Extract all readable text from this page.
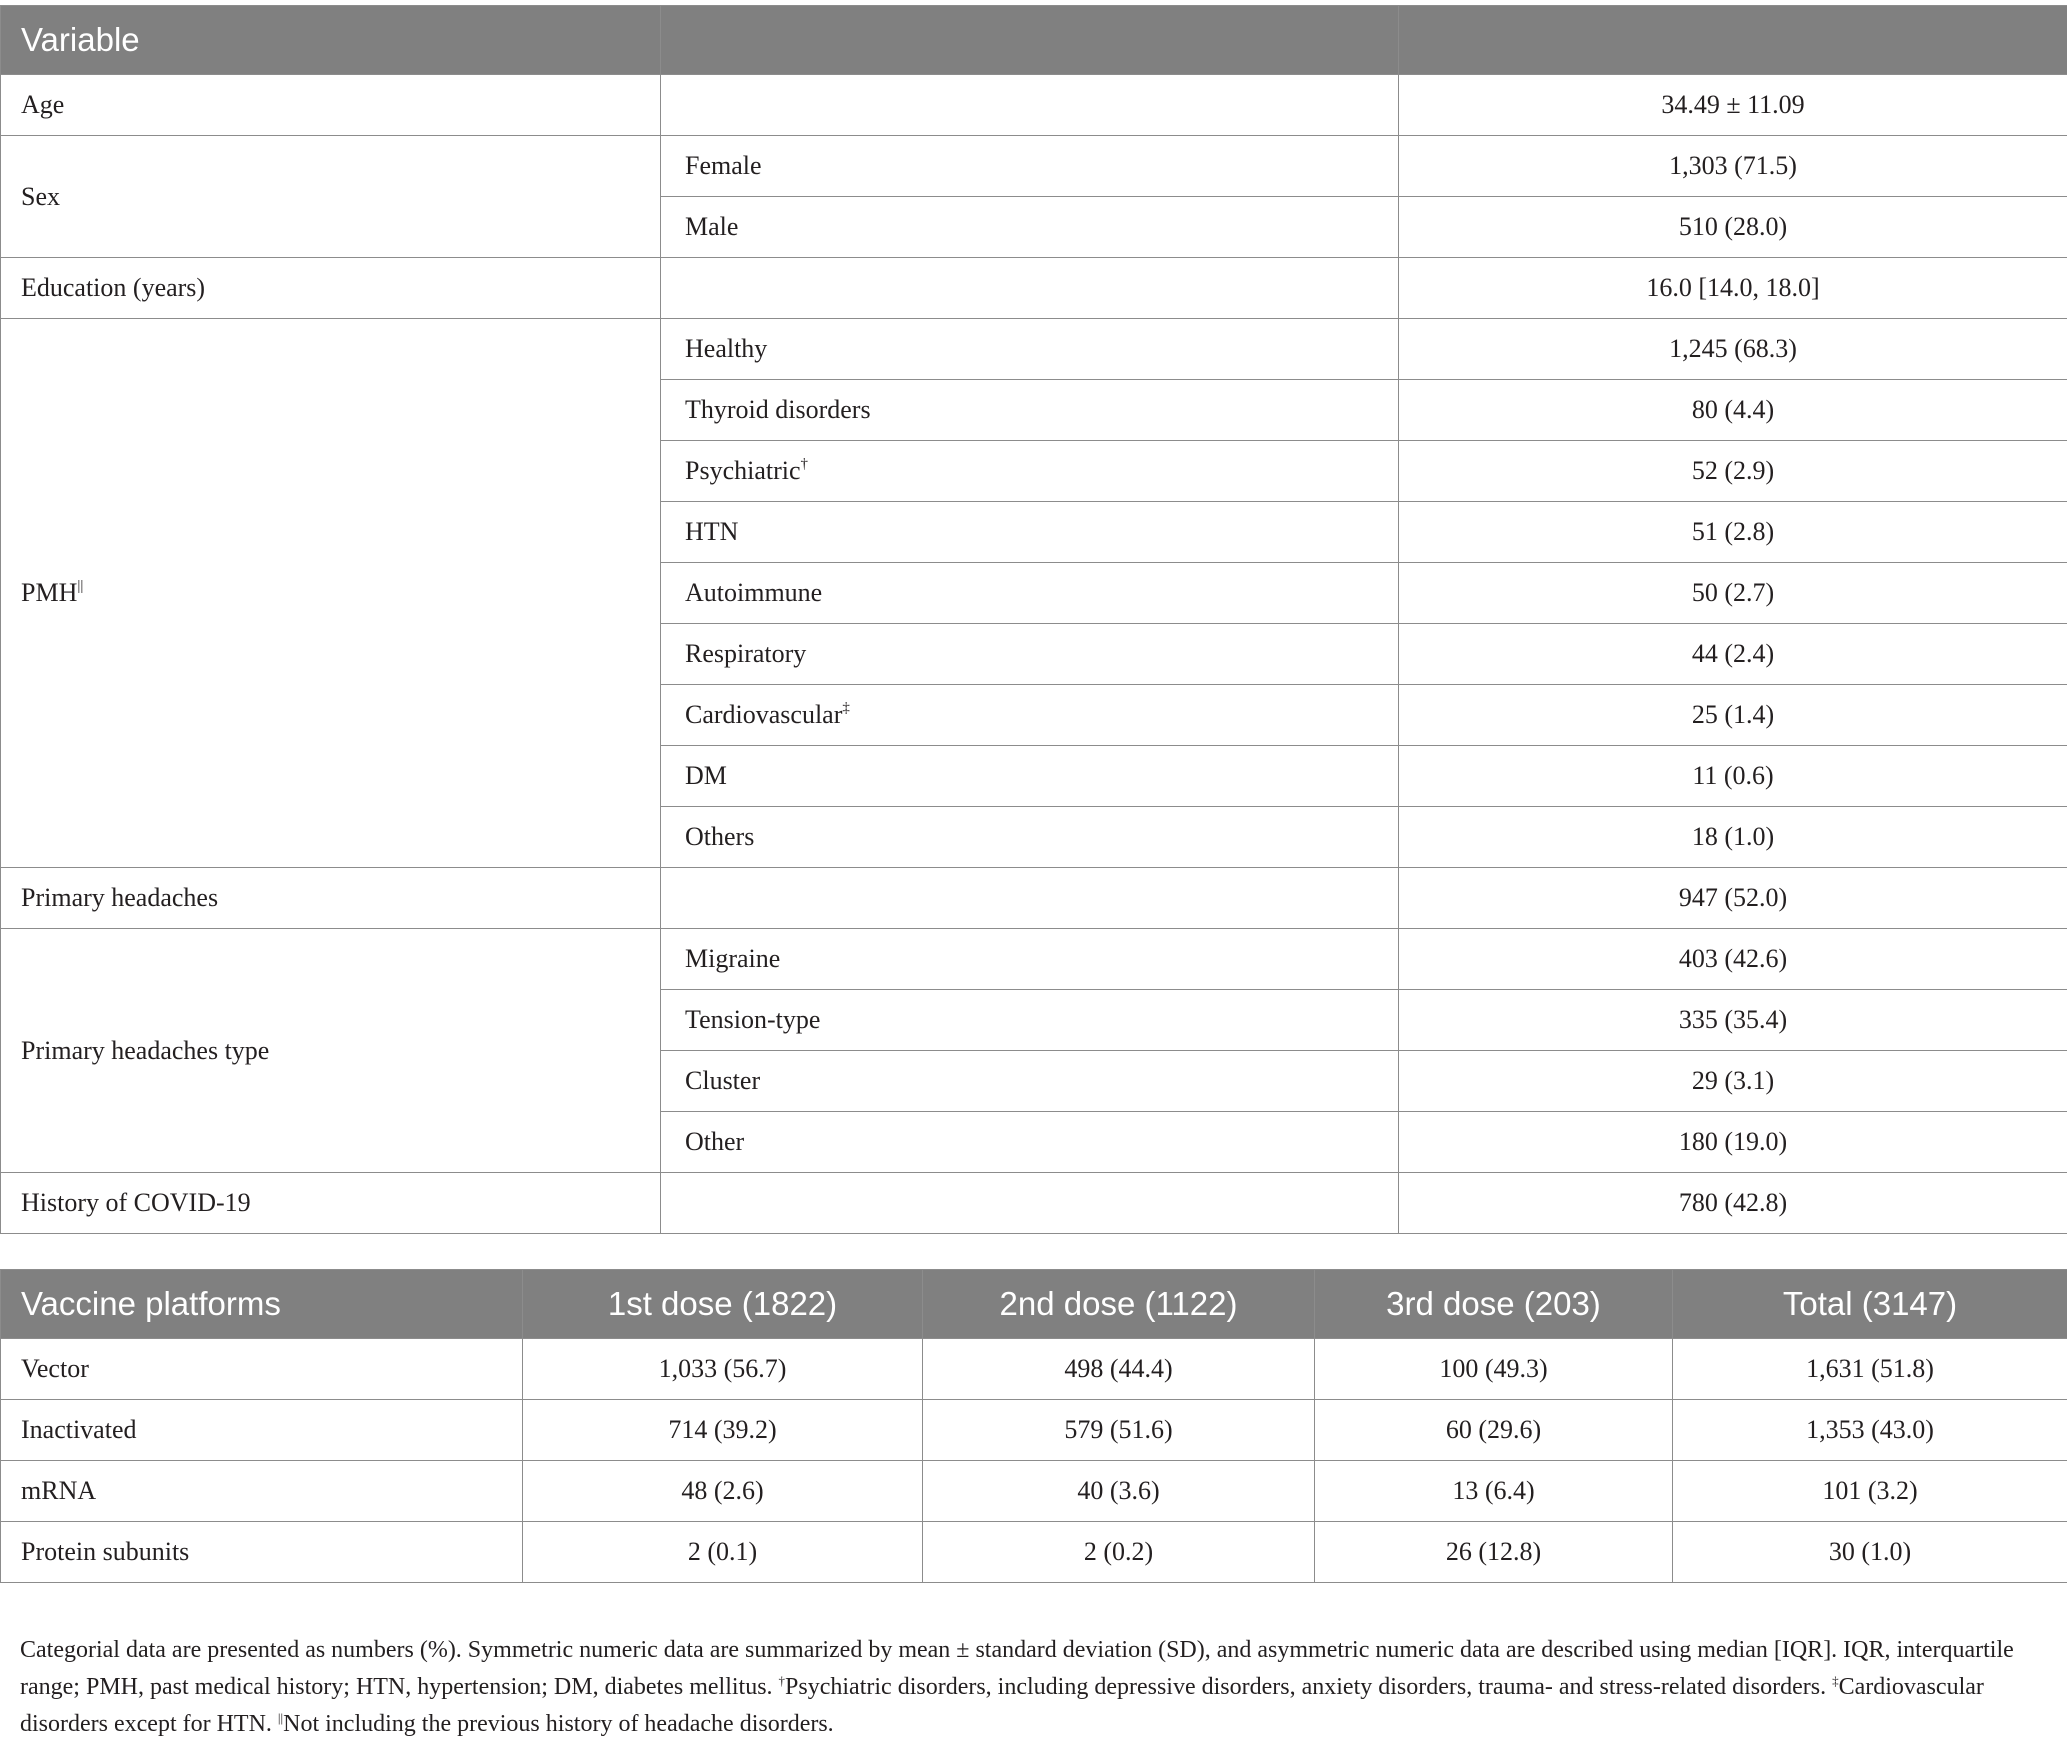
Variable		
Age		34.49 ± 11.09
Sex	Female	1,303 (71.5)
	Male	510 (28.0)
Education (years)		16.0 [14.0, 18.0]
PMH||	Healthy	1,245 (68.3)
	Thyroid disorders	80 (4.4)
	Psychiatric†	52 (2.9)
	HTN	51 (2.8)
	Autoimmune	50 (2.7)
	Respiratory	44 (2.4)
	Cardiovascular‡	25 (1.4)
	DM	11 (0.6)
	Others	18 (1.0)
Primary headaches		947 (52.0)
Primary headaches type	Migraine	403 (42.6)
	Tension-type	335 (35.4)
	Cluster	29 (3.1)
	Other	180 (19.0)
History of COVID-19		780 (42.8)
Vaccine platforms	1st dose (1822)	2nd dose (1122)	3rd dose (203)	Total (3147)
Vector	1,033 (56.7)	498 (44.4)	100 (49.3)	1,631 (51.8)
Inactivated	714 (39.2)	579 (51.6)	60 (29.6)	1,353 (43.0)
mRNA	48 (2.6)	40 (3.6)	13 (6.4)	101 (3.2)
Protein subunits	2 (0.1)	2 (0.2)	26 (12.8)	30 (1.0)
Categorial data are presented as numbers (%). Symmetric numeric data are summarized by mean ± standard deviation (SD), and asymmetric numeric data are described using median [IQR]. IQR, interquartile range; PMH, past medical history; HTN, hypertension; DM, diabetes mellitus. †Psychiatric disorders, including depressive disorders, anxiety disorders, trauma- and stress-related disorders. ‡Cardiovascular disorders except for HTN. ||Not including the previous history of headache disorders.
